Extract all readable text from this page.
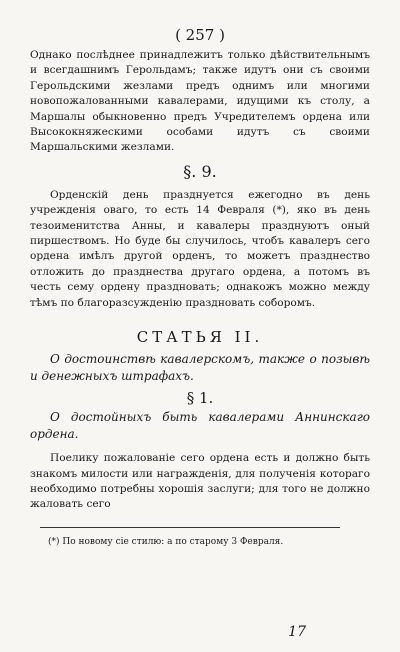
( 257 )

Однако послѣднее принадлежитъ только дѣйствительнымъ и всегдашнимъ Герольдамъ; также идутъ они съ своими Герольдскими жезлами предъ однимъ или многими новопожалованными кавалерами, идущими къ столу, а Маршалы обыкновенно предъ Учредителемъ ордена или Высококняжескими особами идутъ съ своими Маршальскими жезлами.

§. 9.

Орденскій день празднуется ежегодно въ день учрежденія оваго, то есть 14 Февраля (*), яко въ день тезоименитства Анны, и кавалеры празднуютъ оный пиршествомъ. Но буде бы случилось, чтобъ кавалеръ сего ордена имѣлъ другой орденъ, то можетъ празднество отложить до празднества другаго ордена, а потомъ въ честь сему ордену праздновать; однакожъ можно между тѣмъ по благоразсужденію праздновать соборомъ.

СТАТЬЯ II.

О достоинствѣ кавалерскомъ, также о позывѣ и денежныхъ штрафахъ.

§ 1.

О достойныхъ быть кавалерами Аннинскаго ордена.

Поелику пожалованіе сего ордена есть и должно быть знакомъ милости или награжденія, для полученія котораго необходимо потребны хорошія заслуги; для того не должно жаловать сего

(*) По новому сіе стилю: а по старому 3 Февраля.

17
